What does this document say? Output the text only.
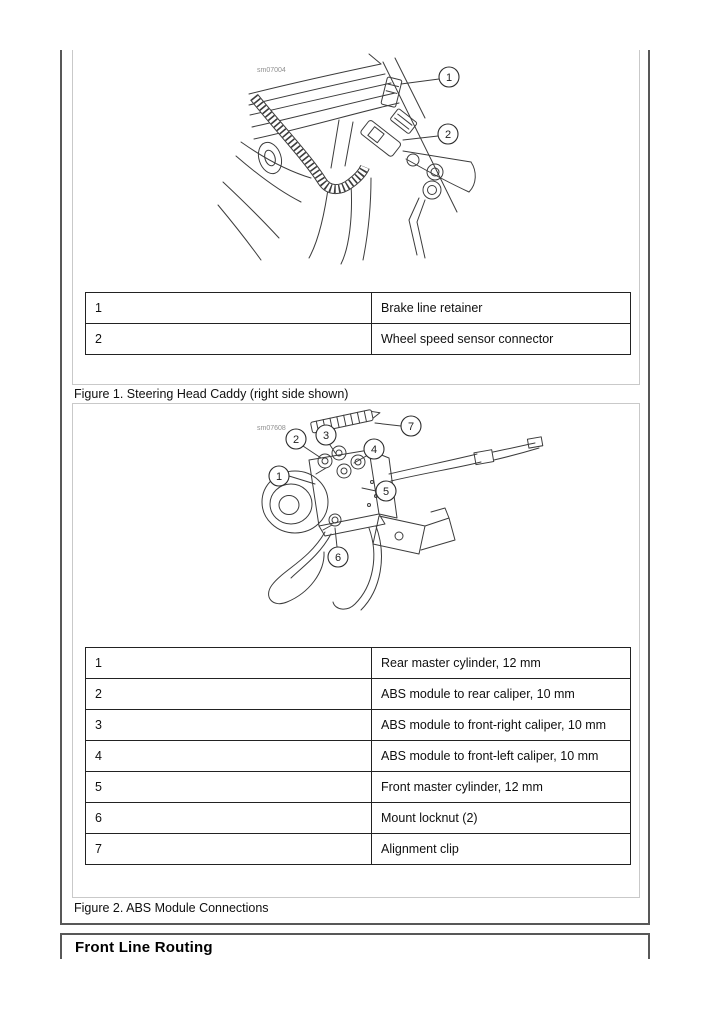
sm07004
1
2
1	Brake line retainer
2	Wheel speed sensor connector
Figure 1. Steering Head Caddy (right side shown)
sm07608
1
2 3
4
5
6
7
1	Rear master cylinder, 12 mm
2	ABS module to rear caliper, 10 mm
3	ABS module to front-right caliper, 10 mm
4	ABS module to front-left caliper, 10 mm
5	Front master cylinder, 12 mm
6	Mount locknut (2)
7	Alignment clip
Figure 2. ABS Module Connections
Front Line Routing
